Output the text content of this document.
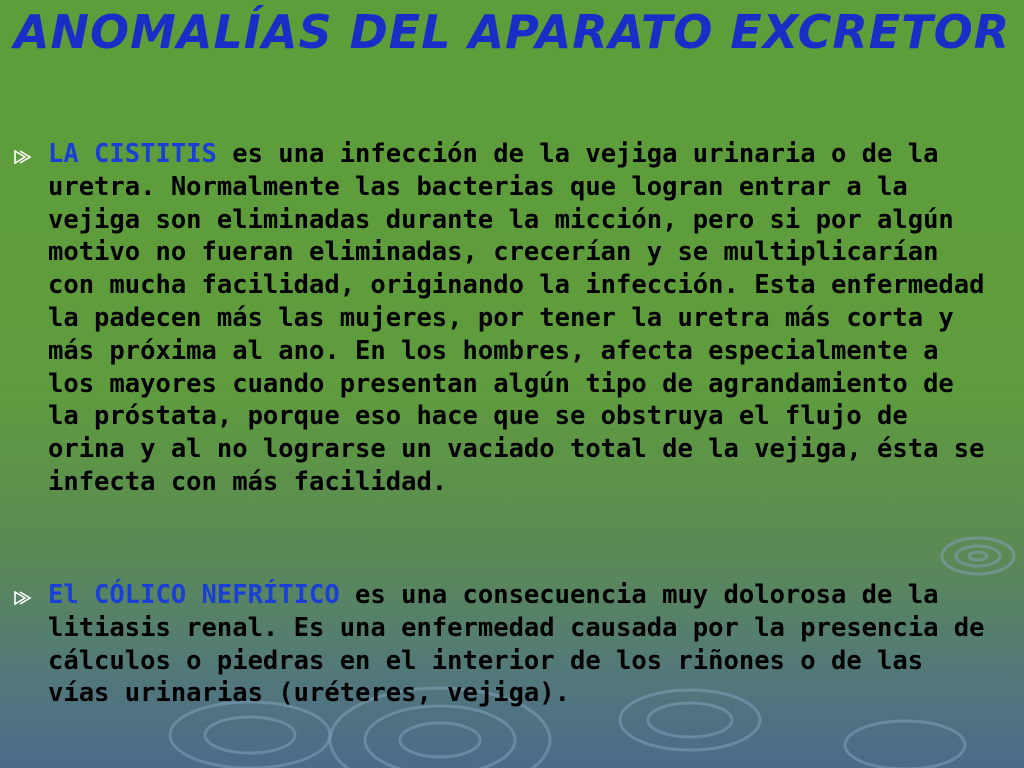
ANOMALÍAS DEL APARATO EXCRETOR

LA CISTITIS es una infección de la vejiga urinaria o de la uretra. Normalmente las bacterias que logran entrar a la vejiga son eliminadas durante la micción, pero si por algún motivo no fueran eliminadas, crecerían y se multiplicarían con mucha facilidad, originando la infección. Esta enfermedad la padecen más las mujeres, por tener la uretra más corta y más próxima al ano. En los hombres, afecta especialmente a los mayores cuando presentan algún tipo de agrandamiento de la próstata, porque eso hace que se obstruya el flujo de orina y al no lograrse un vaciado total de la vejiga, ésta se infecta con más facilidad.

El CÓLICO NEFRÍTICO es una consecuencia muy dolorosa de la litiasis renal. Es una enfermedad causada por la presencia de cálculos o piedras en el interior de los riñones o de las vías urinarias (uréteres, vejiga).
